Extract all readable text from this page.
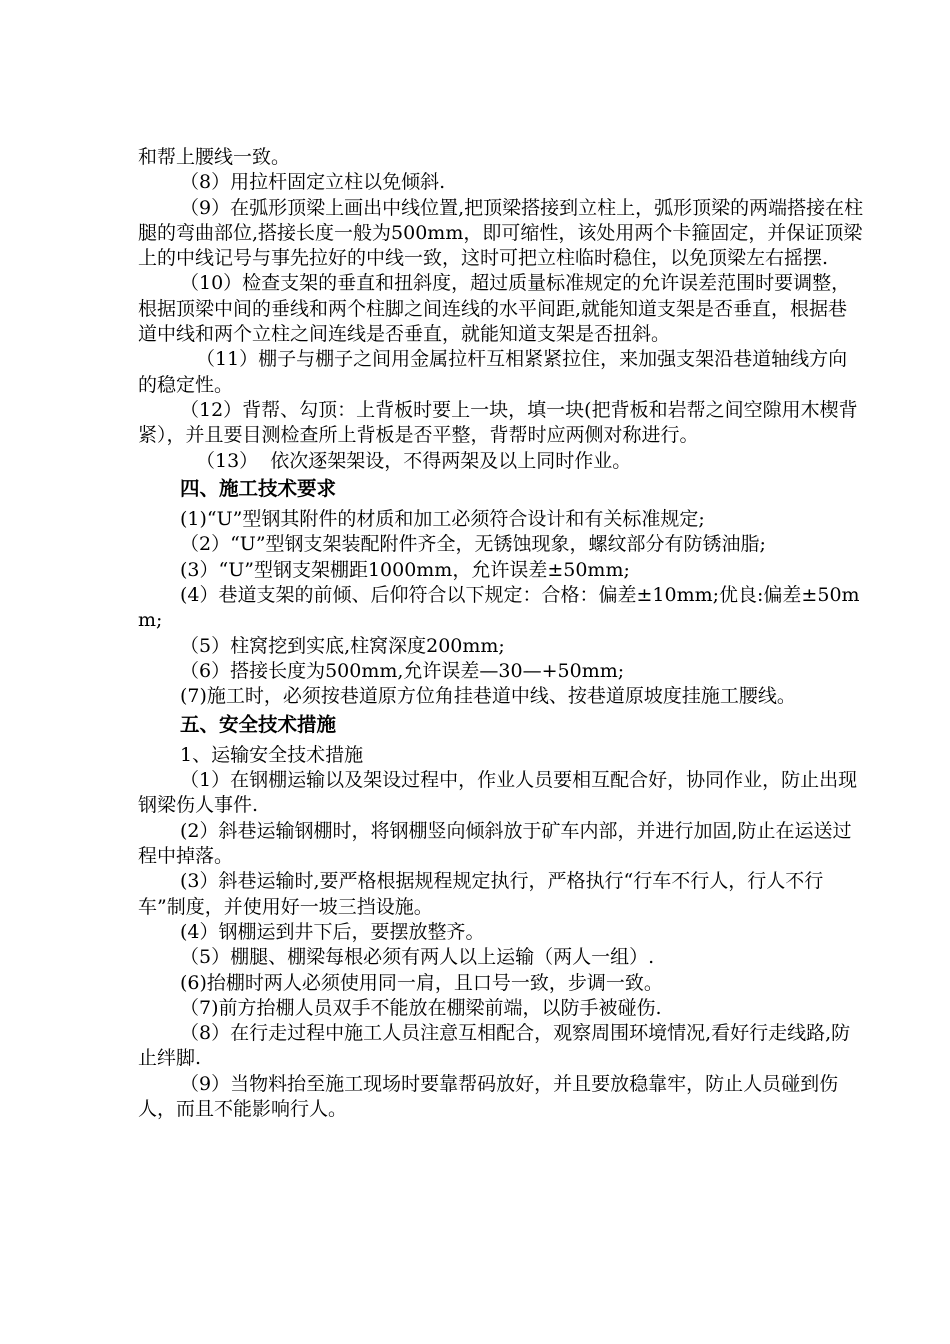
和帮上腰线一致。

（8）用拉杆固定立柱以免倾斜.

（9）在弧形顶梁上画出中线位置,把顶梁搭接到立柱上，弧形顶梁的两端搭接在柱腿的弯曲部位,搭接长度一般为500mm，即可缩性，该处用两个卡箍固定，并保证顶梁上的中线记号与事先拉好的中线一致，这时可把立柱临时稳住，以免顶梁左右摇摆.

（10）检查支架的垂直和扭斜度，超过质量标准规定的允许误差范围时要调整，根据顶梁中间的垂线和两个柱脚之间连线的水平间距,就能知道支架是否垂直，根据巷道中线和两个立柱之间连线是否垂直，就能知道支架是否扭斜。

（11）棚子与棚子之间用金属拉杆互相紧紧拉住，来加强支架沿巷道轴线方向的稳定性。

（12）背帮、勾顶：上背板时要上一块，填一块(把背板和岩帮之间空隙用木楔背紧），并且要目测检查所上背板是否平整，背帮时应两侧对称进行。

（13）  依次逐架架设，不得两架及以上同时作业。

四、施工技术要求

(1)“U”型钢其附件的材质和加工必须符合设计和有关标准规定;

（2）“U”型钢支架装配附件齐全，无锈蚀现象，螺纹部分有防锈油脂;

(3）“U”型钢支架棚距1000mm，允许误差±50mm;

(4）巷道支架的前倾、后仰符合以下规定：合格：偏差±10mm;优良:偏差±50mm;

（5）柱窝挖到实底,柱窝深度200mm;

（6）搭接长度为500mm,允许误差—30—+50mm;

(7)施工时，必须按巷道原方位角挂巷道中线、按巷道原坡度挂施工腰线。

五、安全技术措施

1、运输安全技术措施

（1）在钢棚运输以及架设过程中，作业人员要相互配合好，协同作业，防止出现钢梁伤人事件.

(2）斜巷运输钢棚时，将钢棚竖向倾斜放于矿车内部，并进行加固,防止在运送过程中掉落。

(3）斜巷运输时,要严格根据规程规定执行，严格执行“行车不行人，行人不行车”制度，并使用好一坡三挡设施。

(4）钢棚运到井下后，要摆放整齐。

（5）棚腿、棚梁每根必须有两人以上运输（两人一组）.

(6)抬棚时两人必须使用同一肩，且口号一致，步调一致。

（7)前方抬棚人员双手不能放在棚梁前端，以防手被碰伤.

（8）在行走过程中施工人员注意互相配合，观察周围环境情况,看好行走线路,防止绊脚.

（9）当物料抬至施工现场时要靠帮码放好，并且要放稳靠牢，防止人员碰到伤人，而且不能影响行人。
